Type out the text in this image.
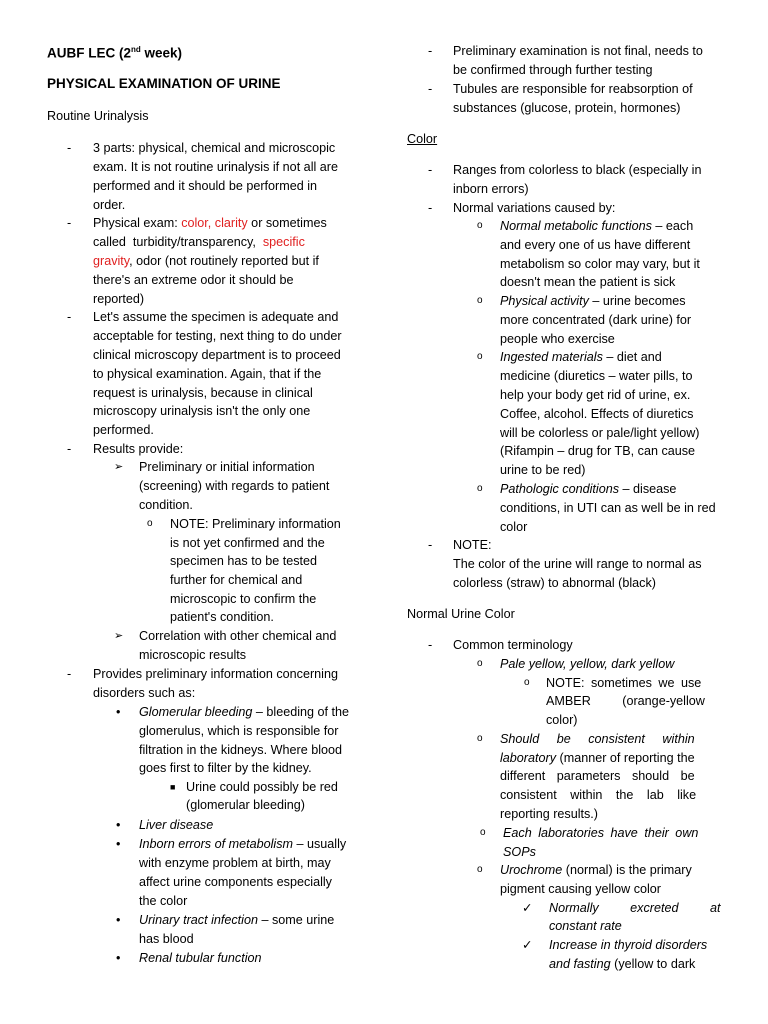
AUBF LEC (2nd week)
PHYSICAL EXAMINATION OF URINE
Routine Urinalysis
- 3 parts: physical, chemical and microscopic
exam. It is not routine urinalysis if not all are
performed and it should be performed in
order.
- Physical exam: color, clarity or sometimes
called  turbidity/transparency,  specific
gravity, odor (not routinely reported but if
there's an extreme odor it should be
reported)
- Let's assume the specimen is adequate and
acceptable for testing, next thing to do under
clinical microscopy department is to proceed
to physical examination. Again, that if the
request is urinalysis, because in clinical
microscopy urinalysis isn't the only one
performed.
- Results provide:
➢ Preliminary or initial information
(screening) with regards to patient
condition.
o NOTE: Preliminary information
is not yet confirmed and the
specimen has to be tested
further for chemical and
microscopic to confirm the
patient's condition.
➢ Correlation with other chemical and
microscopic results
- Provides preliminary information concerning
disorders such as:
• Glomerular bleeding – bleeding of the
glomerulus, which is responsible for
filtration in the kidneys. Where blood
goes first to filter by the kidney.
■ Urine could possibly be red
(glomerular bleeding)
• Liver disease
• Inborn errors of metabolism – usually
with enzyme problem at birth, may
affect urine components especially
the color
• Urinary tract infection – some urine
has blood
• Renal tubular function
- Preliminary examination is not final, needs to
be confirmed through further testing
- Tubules are responsible for reabsorption of
substances (glucose, protein, hormones)
Color
- Ranges from colorless to black (especially in
inborn errors)
- Normal variations caused by:
o Normal metabolic functions – each
and every one of us have different
metabolism so color may vary, but it
doesn't mean the patient is sick
o Physical activity – urine becomes
more concentrated (dark urine) for
people who exercise
o Ingested materials – diet and
medicine (diuretics – water pills, to
help your body get rid of urine, ex.
Coffee, alcohol. Effects of diuretics
will be colorless or pale/light yellow)
(Rifampin – drug for TB, can cause
urine to be red)
o Pathologic conditions – disease
conditions, in UTI can as well be in red
color
- NOTE:
The color of the urine will range to normal as
colorless (straw) to abnormal (black)
Normal Urine Color
- Common terminology
o Pale yellow, yellow, dark yellow
o NOTE: sometimes we use
AMBER (orange-yellow
color)
o Should be consistent within
laboratory (manner of reporting the
different parameters should be
consistent within the lab like
reporting results.)
o Each laboratories have their own
SOPs
o Urochrome (normal) is the primary
pigment causing yellow color
✓ Normally excreted at
constant rate
✓ Increase in thyroid disorders
and fasting (yellow to dark
